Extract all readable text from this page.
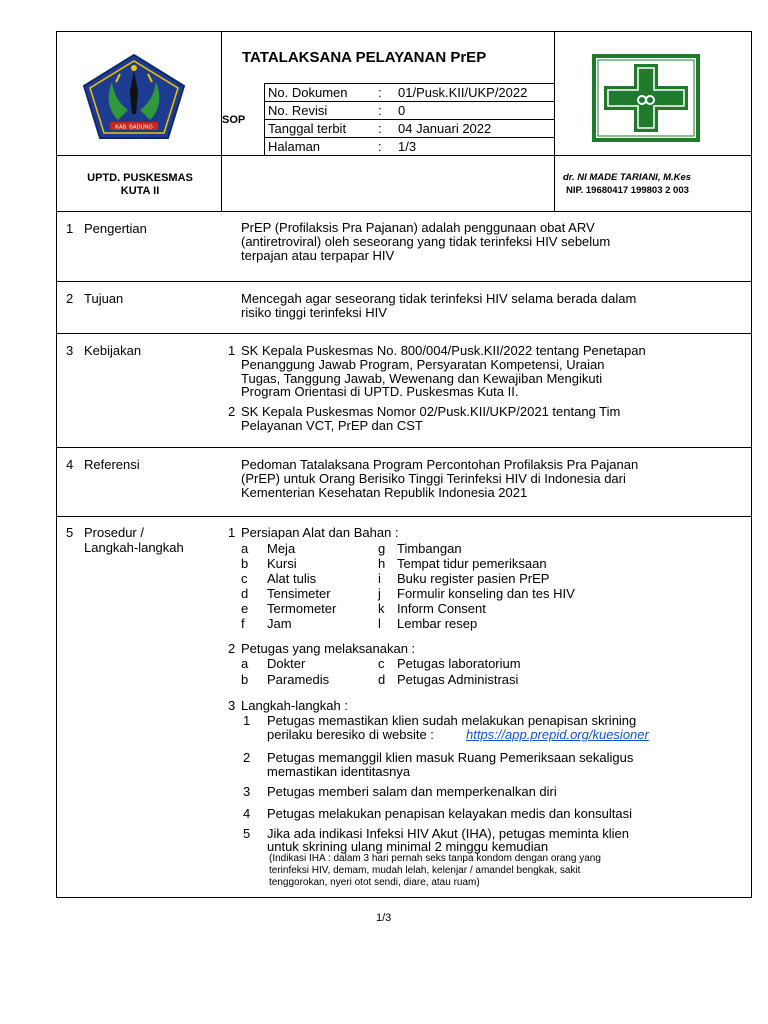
KAB. BADUNG
TATALAKSANA PELAYANAN PrEP
SOP
No. Dokumen : 01/Pusk.KII/UKP/2022
No. Revisi	: 0
Tanggal terbit : 04 Januari 2022
Halaman	: 1/3
UPTD. PUSKESMAS
KUTA II
dr. NI MADE TARIANI, M.Kes
NIP. 19680417 199803 2 003
1 Pengertian	PrEP (Profilaksis Pra Pajanan) adalah penggunaan obat ARV
(antiretroviral) oleh seseorang yang tidak terinfeksi HIV sebelum
terpajan atau terpapar HIV
2 Tujuan	Mencegah agar seseorang tidak terinfeksi HIV selama berada dalam
risiko tinggi terinfeksi HIV
3 Kebijakan	1 SK Kepala Puskesmas No. 800/004/Pusk.KII/2022 tentang Penetapan
Penanggung Jawab Program, Persyaratan Kompetensi, Uraian
Tugas, Tanggung Jawab, Wewenang dan Kewajiban Mengikuti
Program Orientasi di UPTD. Puskesmas Kuta II.
2 SK Kepala Puskesmas Nomor 02/Pusk.KII/UKP/2021 tentang Tim
Pelayanan VCT, PrEP dan CST
4 Referensi	Pedoman Tatalaksana Program Percontohan Profilaksis Pra Pajanan
(PrEP) untuk Orang Berisiko Tinggi Terinfeksi HIV di Indonesia dari
Kementerian Kesehatan Republik Indonesia 2021
5 Prosedur /
Langkah-langkah
1 Persiapan Alat dan Bahan :
a Meja	g Timbangan
b Kursi	h Tempat tidur pemeriksaan
c Alat tulis	i Buku register pasien PrEP
d Tensimeter	j Formulir konseling dan tes HIV
e Termometer	k Inform Consent
f Jam	l Lembar resep
2 Petugas yang melaksanakan :
a Dokter	c Petugas laboratorium
b Paramedis	d Petugas Administrasi
3 Langkah-langkah :
1 Petugas memastikan klien sudah melakukan penapisan skrining
perilaku beresiko di website : https://app.prepid.org/kuesioner
2 Petugas memanggil klien masuk Ruang Pemeriksaan sekaligus
memastikan identitasnya
3 Petugas memberi salam dan memperkenalkan diri
4 Petugas melakukan penapisan kelayakan medis dan konsultasi
5 Jika ada indikasi Infeksi HIV Akut (IHA), petugas meminta klien
untuk skrining ulang minimal 2 minggu kemudian
(Indikasi IHA : dalam 3 hari pernah seks tanpa kondom dengan orang yang
terinfeksi HIV, demam, mudah lelah, kelenjar / amandel bengkak, sakit
tenggorokan, nyeri otot sendi, diare, atau ruam)
1/3
